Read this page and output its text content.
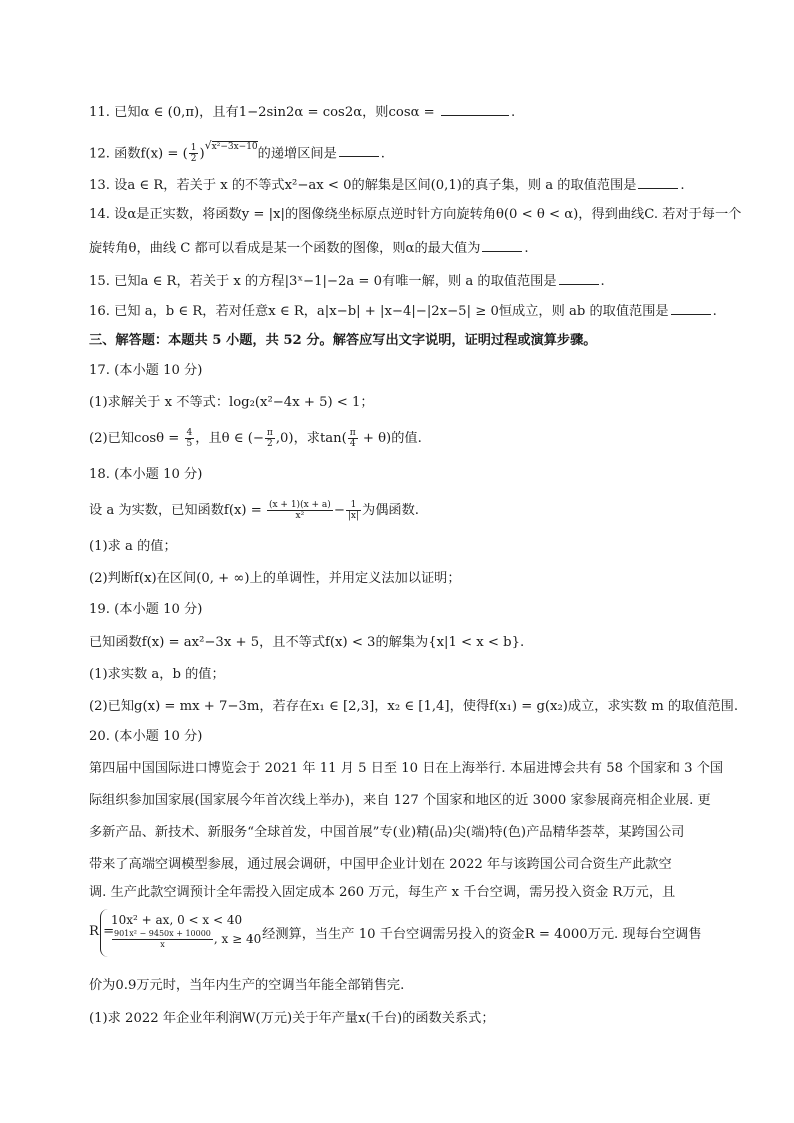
11. 已知α ∈ (0,π)，且有1−2sin2α = cos2α，则cosα =	.
12. 函数f(x) = ( $\frac{1}{2} )^{√x^2-3x-10}$的递增区间是	.
13. 设a ∈ R，若关于 x 的不等式x²−ax < 0的解集是区间(0,1)的真子集，则 a 的取值范围是	.
14. 设α是正实数，将函数y = |x|的图像绕坐标原点逆时针方向旋转角θ(0 < θ < α)，得到曲线C. 若对于每一个
旋转角θ，曲线 C 都可以看成是某一个函数的图像，则α的最大值为	.
15. 已知a ∈ R，若关于 x 的方程|3ˣ−1|−2a = 0有唯一解，则 a 的取值范围是	.
16. 已知 a，b ∈ R，若对任意x ∈ R，a|x−b| + |x−4|−|2x−5| ≥ 0恒成立，则 ab 的取值范围是	.
三、解答题：本题共 5 小题，共 52 分。解答应写出文字说明，证明过程或演算步骤。
17. (本小题 10 分)
(1)求解关于 x 不等式：log₂(x²−4x + 5) < 1；
(2)已知$\cos\theta = \frac{4}{5}$ ，且θ ∈ (− $\frac{\pi}{2} ,0$)，求$\tan( \frac{\pi}{4} + \theta)$的值.
18. (本小题 10 分)
设 a 为实数，已知函数$f(x) = \frac{(x + 1)(x + a)}{\text{x²}} - \frac{1}{|x|}$ 为偶函数.
(1)求 a 的值；
(2)判断f(x)在区间(0, + ∞)上的单调性，并用定义法加以证明；
19. (本小题 10 分)
已知函数f(x) = ax²−3x + 5，且不等式f(x) < 3的解集为{x|1 < x < b}.
(1)求实数 a，b 的值；
(2)已知g(x) = mx + 7−3m，若存在x₁ ∈ [2,3]，x₂ ∈ [1,4]，使得f(x₁) = g(x₂)成立，求实数 m 的取值范围.
20. (本小题 10 分)
第四届中国国际进口博览会于 2021 年 11 月 5 日至 10 日在上海举行. 本届进博会共有 58 个国家和 3 个国
际组织参加国家展(国家展今年首次线上举办)，来自 127 个国家和地区的近 3000 家参展商亮相企业展. 更
多新产品、新技术、新服务“全球首发，中国首展”专(业)精(品)尖(端)特(色)产品精华荟萃，某跨国公司
带来了高端空调模型参展，通过展会调研，中国甲企业计划在 2022 年与该跨国公司合资生产此款空
调. 生产此款空调预计全年需投入固定成本 260 万元，每生产 x 千台空调，需另投入资金 R万元，且
R =
10x² + ax, 0 < x < 40
$\frac{\text{901x² − 9450x + 10000}}{x}$ , x ≥ 40
，经测算，当生产 10 千台空调需另投入的资金R = 4000万元. 现每台空调售
价为0.9万元时，当年内生产的空调当年能全部销售完.
(1)求 2022 年企业年利润W(万元)关于年产量x(千台)的函数关系式；
